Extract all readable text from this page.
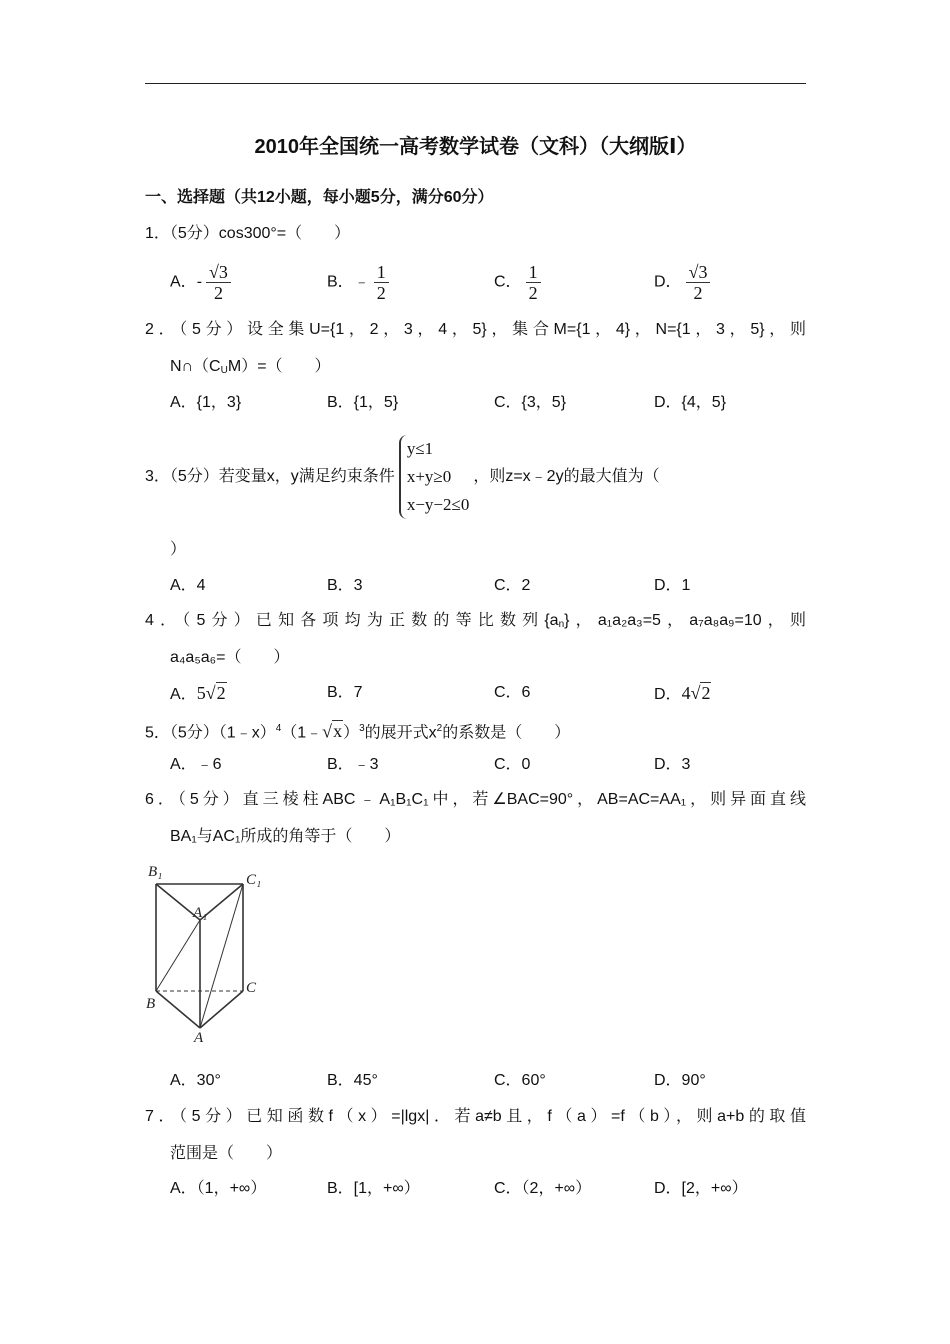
2010年全国统一高考数学试卷（文科）（大纲版Ⅰ）
一、选择题（共12小题，每小题5分，满分60分）
1．（5分）cos300°=（　　）
A．- $\frac{√3}{2}$	B．﹣ $\frac{1}{2}$	C． $\frac{1}{2}$	D． $\frac{√3}{2}$
2．（5分）设全集U={1，2，3，4，5}，集合M={1，4}，N={1，3，5}，则
$N\cap(C_UM)=$（　　）
A．{1，3}	B．{1，5}	C．{3，5}	D．{4，5}
3．（5分）若变量x，y满足约束条件
y≤1
x+y≥0
x−y−2≤0
，则z=x﹣2y的最大值为（
）
A．4	B．3	C．2	D．1
4．（5分）已知各项均为正数的等比数列$\{a_n\}$，a₁a₂a₃=5，a₇a₈a₉=10，则
a₄a₅a₆=（　　）
A．5√2	B．7	C．6	D．4√2
5．（5分）（1﹣x）$^4$（1﹣√x）$^3$的展开式$x^2$的系数是（　　）
A．﹣6	B．﹣3	C．0	D．3
6．（5分）直三棱柱ABC﹣A₁B₁C₁中，若∠BAC=90°，AB=AC=AA₁，则异面直线
BA₁与AC₁所成的角等于（　　）
B₁	C₁
A₁
C
B
A
A．30°	B．45°	C．60°	D．90°
7．（5分）已知函数f（x）=|lgx|．若a≠b且，f（a）=f（b），则a+b的取值
范围是（　　）
A．（1，+∞）	B．[1，+∞）	C．（2，+∞）	D．[2，+∞）
